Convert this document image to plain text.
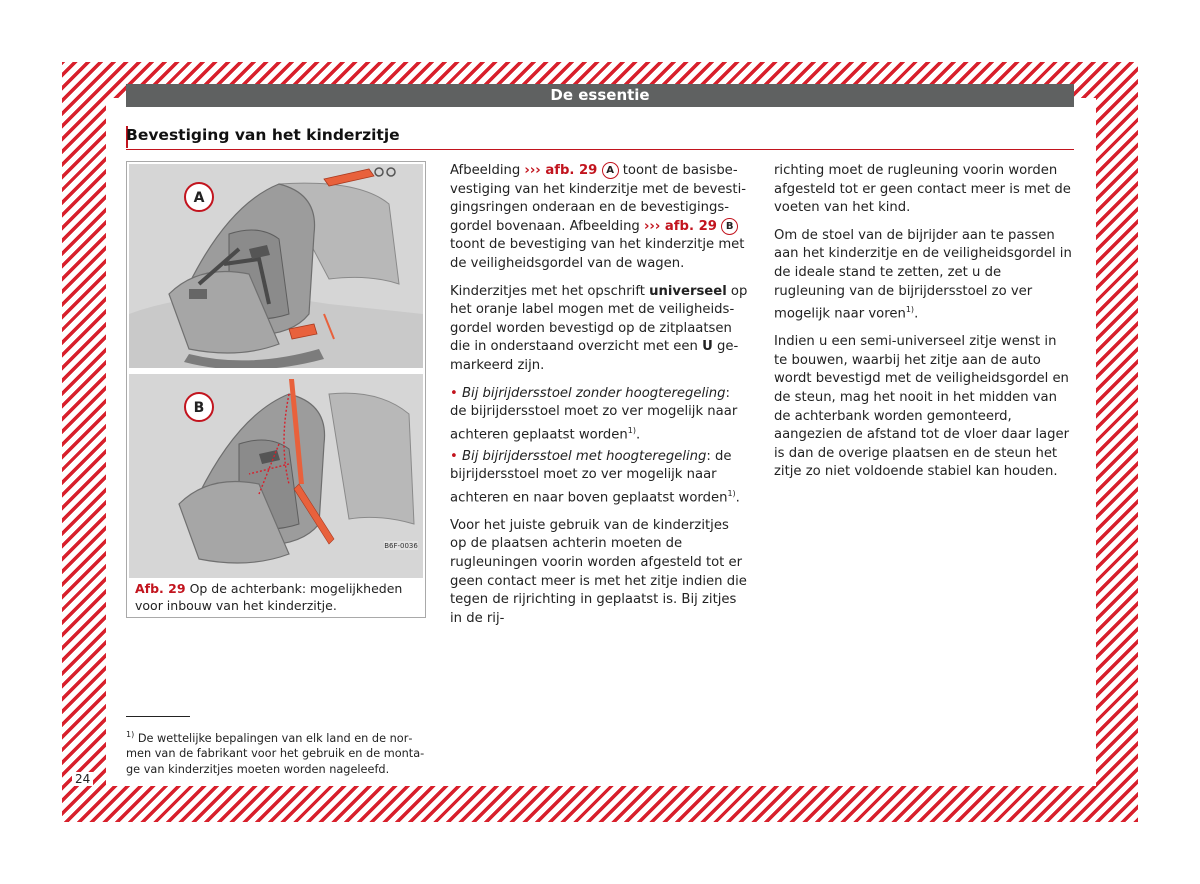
De essentie
Bevestiging van het kinderzitje
A
B
B6F-0036
Afb. 29 Op de achterbank: mogelijkheden voor inbouw van het kinderzitje.

Afbeelding ››› afb. 29 A toont de basisbevestiging van het kinderzitje met de bevestigingsringen onderaan en de bevestigingsgordel bovenaan. Afbeelding ››› afb. 29 B toont de bevestiging van het kinderzitje met de veiligheidsgordel van de wagen.

Kinderzitjes met het opschrift universeel op het oranje label mogen met de veiligheidsgordel worden bevestigd op de zitplaatsen die in onderstaand overzicht met een U gemarkeerd zijn.

• Bij bijrijdersstoel zonder hoogteregeling: de bijrijdersstoel moet zo ver mogelijk naar achteren geplaatst worden$^{1)}$.

• Bij bijrijdersstoel met hoogteregeling: de bijrijdersstoel moet zo ver mogelijk naar achteren en naar boven geplaatst worden$^{1)}$.

Voor het juiste gebruik van de kinderzitjes op de plaatsen achterin moeten de rugleuningen voorin worden afgesteld tot er geen contact meer is met het zitje indien die tegen de rijrichting in geplaatst is. Bij zitjes in de rij-

richting moet de rugleuning voorin worden afgesteld tot er geen contact meer is met de voeten van het kind.

Om de stoel van de bijrijder aan te passen aan het kinderzitje en de veiligheidsgordel in de ideale stand te zetten, zet u de rugleuning van de bijrijdersstoel zo ver mogelijk naar voren$^{1)}$.

Indien u een semi-universeel zitje wenst in te bouwen, waarbij het zitje aan de auto wordt bevestigd met de veiligheidsgordel en de steun, mag het nooit in het midden van de achterbank worden gemonteerd, aangezien de afstand tot de vloer daar lager is dan de overige plaatsen en de steun het zitje zo niet voldoende stabiel kan houden.

$^{1)}$ De wettelijke bepalingen van elk land en de normen van de fabrikant voor het gebruik en de montage van kinderzitjes moeten worden nageleefd.
24
